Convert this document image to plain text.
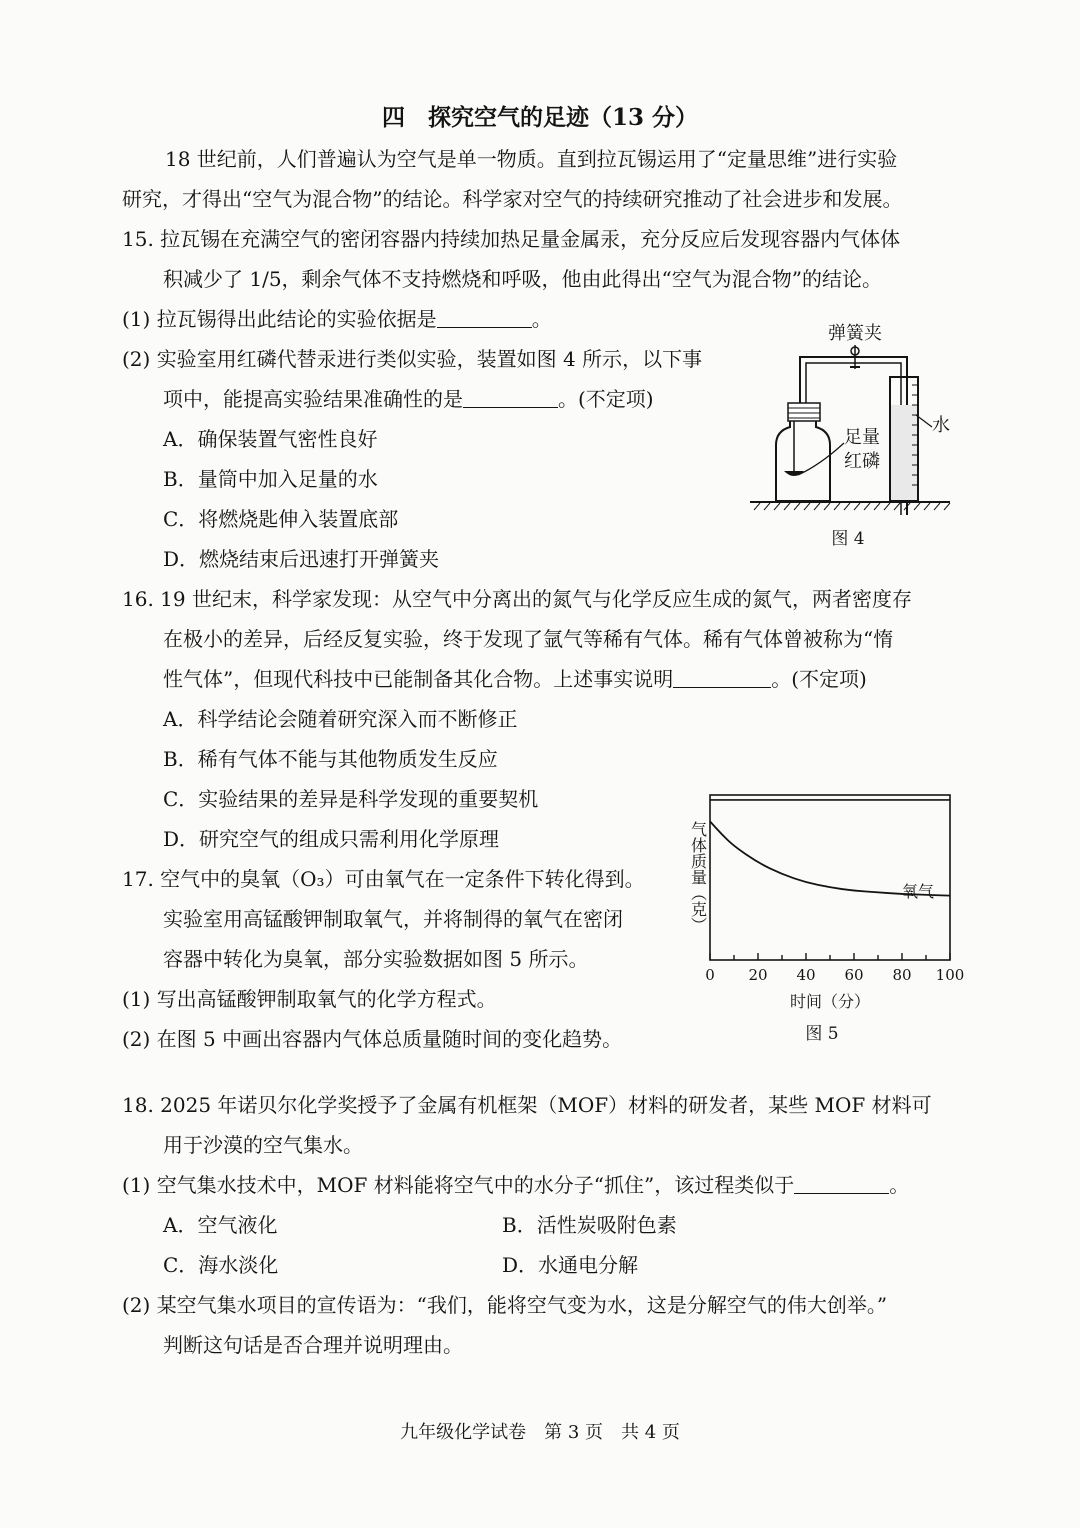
四　探究空气的足迹（13 分）
18 世纪前，人们普遍认为空气是单一物质。直到拉瓦锡运用了“定量思维”进行实验
研究，才得出“空气为混合物”的结论。科学家对空气的持续研究推动了社会进步和发展。
15. 拉瓦锡在充满空气的密闭容器内持续加热足量金属汞，充分反应后发现容器内气体体
积减少了 1/5，剩余气体不支持燃烧和呼吸，他由此得出“空气为混合物”的结论。
(1) 拉瓦锡得出此结论的实验依据是	。
(2) 实验室用红磷代替汞进行类似实验，装置如图 4 所示，以下事
项中，能提高实验结果准确性的是	。(不定项)
A．确保装置气密性良好
B．量筒中加入足量的水
C．将燃烧匙伸入装置底部
D．燃烧结束后迅速打开弹簧夹
弹簧夹
足量
红磷
水
图 4
16. 19 世纪末，科学家发现：从空气中分离出的氮气与化学反应生成的氮气，两者密度存
在极小的差异，后经反复实验，终于发现了氩气等稀有气体。稀有气体曾被称为“惰
性气体”，但现代科技中已能制备其化合物。上述事实说明	。(不定项)
A．科学结论会随着研究深入而不断修正
B．稀有气体不能与其他物质发生反应
C．实验结果的差异是科学发现的重要契机
D．研究空气的组成只需利用化学原理
17. 空气中的臭氧（O₃）可由氧气在一定条件下转化得到。
实验室用高锰酸钾制取氧气，并将制得的氧气在密闭
容器中转化为臭氧，部分实验数据如图 5 所示。
(1) 写出高锰酸钾制取氧气的化学方程式。
(2) 在图 5 中画出容器内气体总质量随时间的变化趋势。
0 20 40 60 80 100
氧气
气体质量（克）
时间（分）
图 5
18. 2025 年诺贝尔化学奖授予了金属有机框架（MOF）材料的研发者，某些 MOF 材料可
用于沙漠的空气集水。
(1) 空气集水技术中，MOF 材料能将空气中的水分子“抓住”，该过程类似于	。
A．空气液化	B．活性炭吸附色素
C．海水淡化	D．水通电分解
(2) 某空气集水项目的宣传语为：“我们，能将空气变为水，这是分解空气的伟大创举。”
判断这句话是否合理并说明理由。
九年级化学试卷　第 3 页　共 4 页
